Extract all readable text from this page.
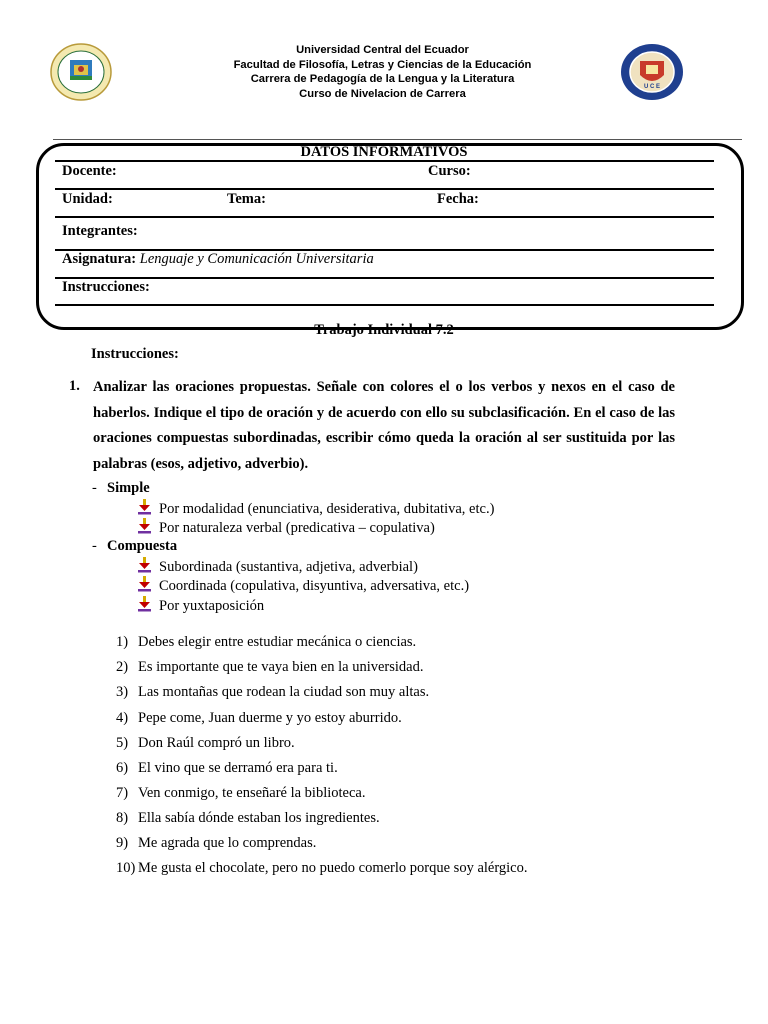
U C E
Universidad Central del Ecuador
Facultad de Filosofía, Letras y Ciencias de la Educación
Carrera de Pedagogía de la Lengua y la Literatura
Curso de Nivelacion de Carrera
DATOS INFORMATIVOS
Docente:	Curso:
Unidad:	Tema:	Fecha:
Integrantes:
Asignatura: Lenguaje y Comunicación Universitaria
Instrucciones:
Trabajo Individual 7.2
Instrucciones:
1. Analizar las oraciones propuestas. Señale con colores el o los verbos y nexos en el caso de haberlos. Indique el tipo de oración y de acuerdo con ello su subclasificación. En el caso de las oraciones compuestas subordinadas, escribir cómo queda la oración al ser sustituida por las palabras (esos, adjetivo, adverbio).
- Simple
Por modalidad (enunciativa, desiderativa, dubitativa, etc.)
Por naturaleza verbal (predicativa – copulativa)
- Compuesta
Subordinada (sustantiva, adjetiva, adverbial)
Coordinada (copulativa, disyuntiva, adversativa, etc.)
Por yuxtaposición
1) Debes elegir entre estudiar mecánica o ciencias.
2) Es importante que te vaya bien en la universidad.
3) Las montañas que rodean la ciudad son muy altas.
4) Pepe come, Juan duerme y yo estoy aburrido.
5) Don Raúl compró un libro.
6) El vino que se derramó era para ti.
7) Ven conmigo, te enseñaré la biblioteca.
8) Ella sabía dónde estaban los ingredientes.
9) Me agrada que lo comprendas.
10) Me gusta el chocolate, pero no puedo comerlo porque soy alérgico.
